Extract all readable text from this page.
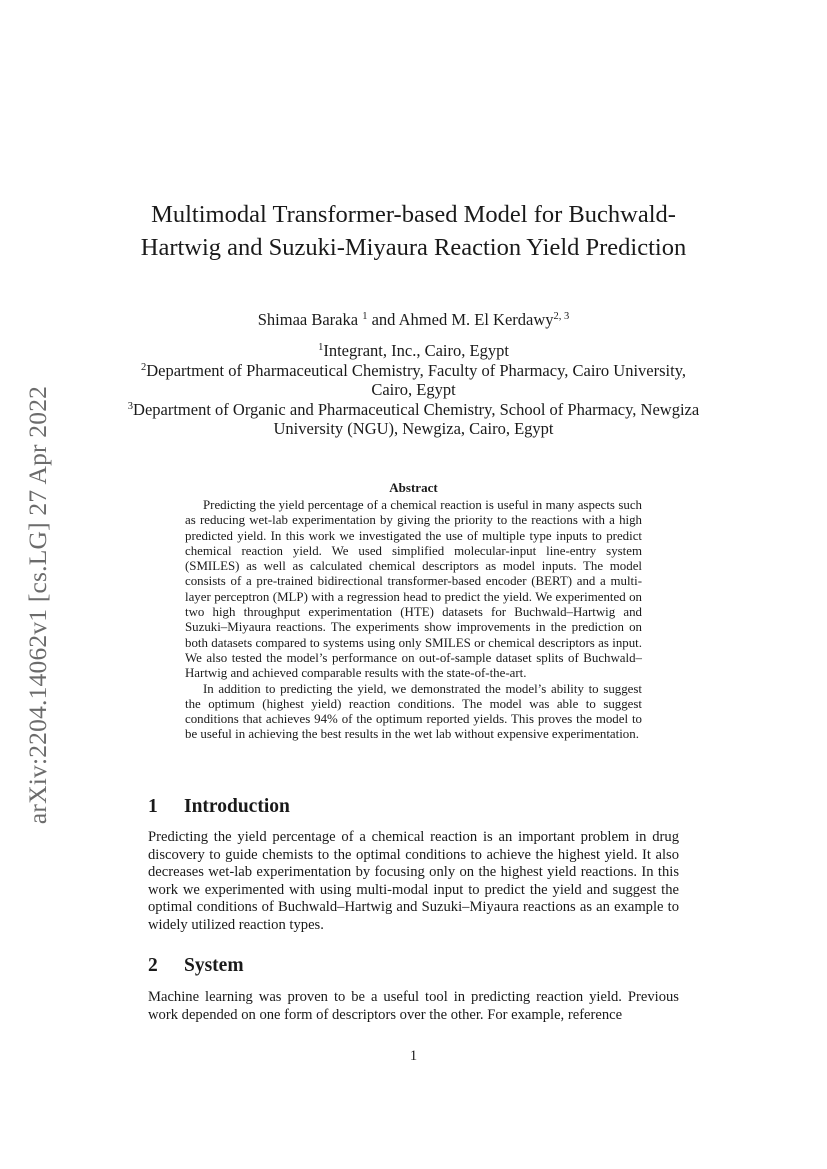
arXiv:2204.14062v1 [cs.LG] 27 Apr 2022
Multimodal Transformer-based Model for Buchwald-Hartwig and Suzuki-Miyaura Reaction Yield Prediction
Shimaa Baraka $^1$ and Ahmed M. El Kerdawy$^{2, 3}$
$^1$Integrant, Inc., Cairo, Egypt
$^2$Department of Pharmaceutical Chemistry, Faculty of Pharmacy, Cairo University, Cairo, Egypt
$^3$Department of Organic and Pharmaceutical Chemistry, School of Pharmacy, Newgiza University (NGU), Newgiza, Cairo, Egypt
Abstract

Predicting the yield percentage of a chemical reaction is useful in many aspects such as reducing wet-lab experimentation by giving the priority to the reactions with a high predicted yield. In this work we investigated the use of multiple type inputs to predict chemical reaction yield. We used simplified molecular-input line-entry system (SMILES) as well as calculated chemical descriptors as model inputs. The model consists of a pre-trained bidirectional transformer-based encoder (BERT) and a multi-layer perceptron (MLP) with a regression head to predict the yield. We experimented on two high throughput experimentation (HTE) datasets for Buchwald–Hartwig and Suzuki–Miyaura reactions. The experiments show improvements in the prediction on both datasets compared to systems using only SMILES or chemical descriptors as input. We also tested the model’s performance on out-of-sample dataset splits of Buchwald–Hartwig and achieved comparable results with the state-of-the-art.

In addition to predicting the yield, we demonstrated the model’s ability to suggest the optimum (highest yield) reaction conditions. The model was able to suggest conditions that achieves 94% of the optimum reported yields. This proves the model to be useful in achieving the best results in the wet lab without expensive experimentation.

1 Introduction

Predicting the yield percentage of a chemical reaction is an important problem in drug discovery to guide chemists to the optimal conditions to achieve the highest yield. It also decreases wet-lab experimentation by focusing only on the highest yield reactions. In this work we experimented with using multi-modal input to predict the yield and suggest the optimal conditions of Buchwald–Hartwig and Suzuki–Miyaura reactions as an example to widely utilized reaction types.

2 System

Machine learning was proven to be a useful tool in predicting reaction yield. Previous work depended on one form of descriptors over the other. For example, reference

1
